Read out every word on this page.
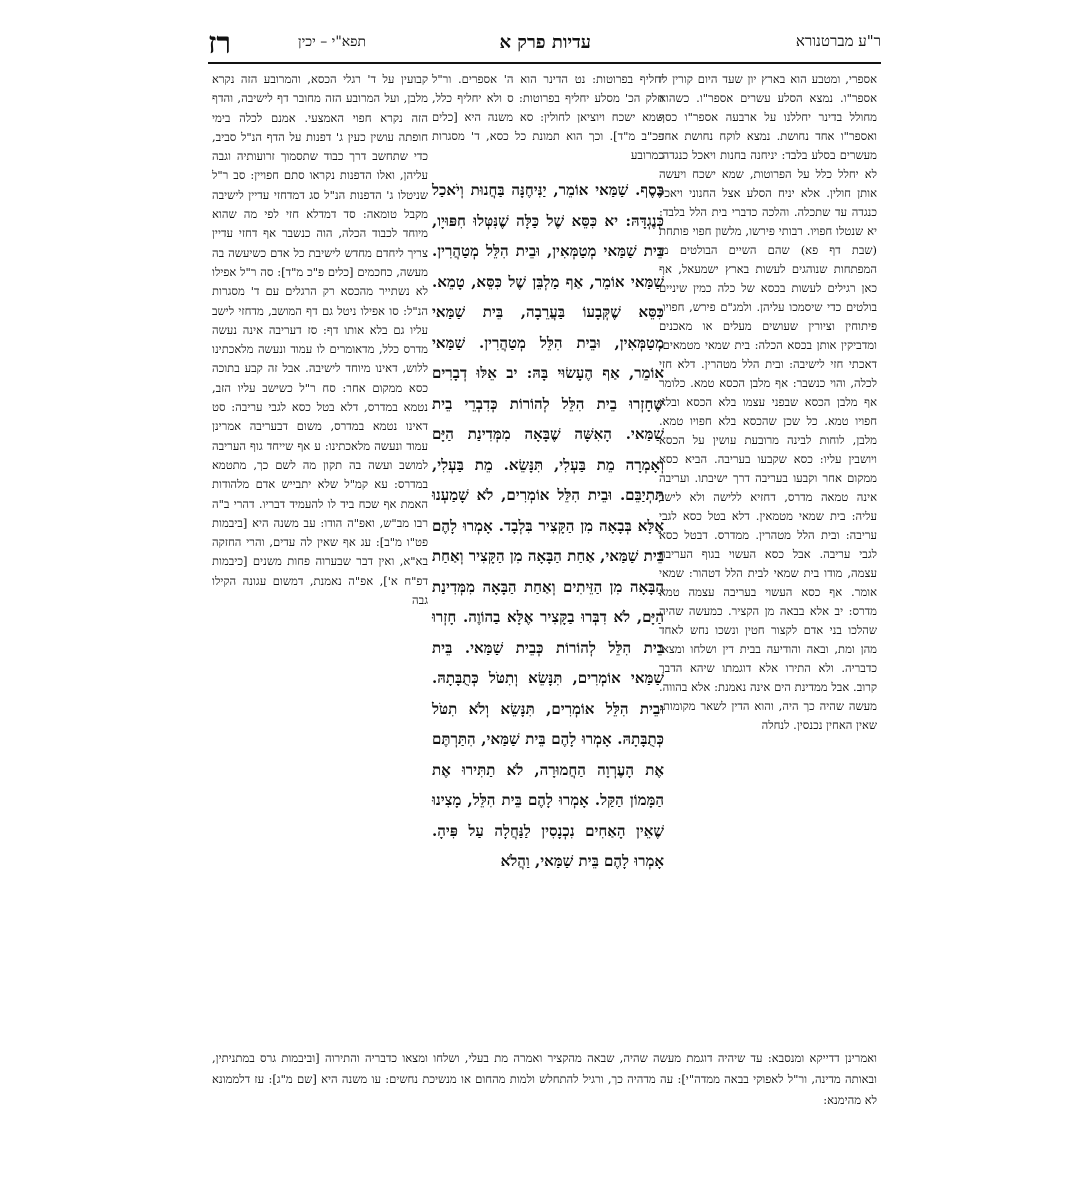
ר"ע מברטנורא
עדיות פרק א
תפא"י – יכין
רז

אספרי, ומטבע הוא בארץ יון שעד היום קורין לו אספר"ו. נמצא הסלע עשרים אספר"ו. כשהוא מחולל בדינר יחללנו על ארבעה אספר"ו כסף ואספר"ו אחד נחושת. נמצא לוקח נחושת אחד מעשרים בסלע בלבד: יניחנה בחנות ויאכל כנגדה. לא יחלל כלל על הפרוטות, שמא ישכח ויעשה אותן חולין. אלא יניח הסלע אצל החנוני ויאכל כנגדה עד שתכלה. והלכה כדברי בית הלל בלבד: יא שנטלו חפויו. רבותי פירשו, מלשון חפוי פותחת (שבת דף פא) שהם השיים הבולטים מן המפתחות שנוהגים לעשות בארץ ישמעאל, אף כאן רגילים לעשות בכסא של כלה כמין שיניים בולטים כדי שיסמכו עליהן. ולמג"ם פירש, חפויו, פיתוחין וציורין שעושים מעלים או מאכנים ומדביקין אותן בכסא הכלה: בית שמאי מטמאים. דאכתי חזי לישיבה: ובית הלל מטהרין. דלא חזי לכלה, והוי כנשבר: אף מלבן הכסא טמא. כלומר אף מלבן הכסא שבפני עצמו בלא הכסא ובלא חפויו טמא. כל שכן שהכסא בלא חפויו טמא. מלבן, לוחות לבינה מרובעת עושין על הכסא ויושבין עליו: כסא שקבעו בעריבה. הביא כסא ממקום אחר וקבעו בעריבה דרך ישיבתו. ועריבה אינה טמאה מדרס, דחזיא ללישה ולא לישב עליה: בית שמאי מטמאין. דלא בטל כסא לגבי עריבה: ובית הלל מטהרין. ממדרס. דבטל כסא לגבי עריבה. אבל כסא העשוי בגוף העריבה עצמה, מודו בית שמאי לבית הלל דטהור: שמאי אומר. אף כסא העשוי בעריבה עצמה טמא מדרס: יב אלא בבאה מן הקציר. כמעשה שהיה שהלכו בני אדם לקצור חטין ונשכו נחש לאחד מהן ומת, ובאה והודיעה בבית דין ושלחו ומצאו כדבריה. ולא התירו אלא דוגמתו שיהא הדבר קרוב. אבל ממדינת הים אינה נאמנת: אלא בהווה. מעשה שהיה כך היה, והוא הדין לשאר מקומות: שאין האחין נכנסין. לנחלה

יחליף בפרוטות: נט הדינר הוא ה' אספרים. ור"ל חלק הכ' מסלע יחליף בפרוטות: ס ולא יחליף כלל, שמא ישכח ויוציאן לחולין: סא משנה היא [כלים פכ"ב מ"ד]. וכך הוא תמונת כל כסא, ד' מסגרות כמרובע

כֶּסֶף. שַׁמַּאי אוֹמֵר, יַנִּיחֶנָּה בַּחֲנוּת וְיֹאכַל כְּנֶגְדָּהּ: יא כִּסֵּא שֶׁל כַּלָּה שֶׁנִּטְּלוּ חִפּוּיָו, בֵּית שַׁמַּאי מְטַמְּאִין, וּבֵית הִלֵּל מְטַהֲרִין. שַׁמַּאי אוֹמֵר, אַף מַלְבֵּן שֶׁל כִּסֵּא, טָמֵא. כִּסֵּא שֶׁקְּבָעוֹ בַּעֲרֵבָה, בֵּית שַׁמַּאי מְטַמְּאִין, וּבֵית הִלֵּל מְטַהֲרִין. שַׁמַּאי אוֹמֵר, אַף הֶעָשׂוּי בָּהּ: יב אֵלּוּ דְבָרִים שֶׁחָזְרוּ בֵית הִלֵּל לְהוֹרוֹת כְּדִבְרֵי בֵית שַׁמַּאי. הָאִשָּׁה שֶׁבָּאָה מִמְּדִינַת הַיָּם וְאָמְרָה מֵת בַּעְלִי, תִּנָּשֵׂא. מֵת בַּעְלִי, תִּתְיַבֵּם. וּבֵית הִלֵּל אוֹמְרִים, לֹא שָׁמַעְנוּ אֶלָּא בְּבָאָה מִן הַקָּצִיר בִּלְבָד. אָמְרוּ לָהֶם בֵּית שַׁמַּאי, אַחַת הַבָּאָה מִן הַקָּצִיר וְאַחַת הַבָּאָה מִן הַזֵּיתִים וְאַחַת הַבָּאָה מִמְּדִינַת הַיָּם, לֹא דִבְּרוּ בַקָּצִיר אֶלָּא בַהוֹוֶה. חָזְרוּ בֵית הִלֵּל לְהוֹרוֹת כְּבֵית שַׁמַּאי. בֵּית שַׁמַּאי אוֹמְרִים, תִּנָּשֵׂא וְתִטֹּל כְּתֻבָּתָהּ. וּבֵית הִלֵּל אוֹמְרִים, תִּנָּשֵׂא וְלֹא תִטֹּל כְּתֻבָּתָהּ. אָמְרוּ לָהֶם בֵּית שַׁמַּאי, הִתַּרְתֶּם אֶת הָעֶרְוָה הַחֲמוּרָה, לֹא תַתִּירוּ אֶת הַמָּמוֹן הַקַּל. אָמְרוּ לָהֶם בֵּית הִלֵּל, מָצִינוּ שֶׁאֵין הָאַחִים נִכְנָסִין לַנַּחֲלָה עַל פִּיהָ. אָמְרוּ לָהֶם בֵּית שַׁמַּאי, וַהֲלֹא

קבועין על ד' רגלי הכסא, והמרובע הזה נקרא מלבן, ועל המרובע הזה מחובר דף לישיבה, והדף הזה נקרא חפוי האמצעי. אמנם לכלה בימי חופתה עושין כעין ג' דפנות על הדף הנ"ל סביב, כדי שתחשב דרך כבוד שתסמוך זרועותיה וגבה עליהן, ואלו הדפנות נקראו סתם חפויין: סב ר"ל שניטלו ג' הדפנות הנ"ל סג דמדחזי עדיין לישיבה מקבל טומאה: סד דמדלא חזי לפי מה שהוא מיוחד לכבוד הכלה, הוה כנשבר אף דחזי עדיין צריך ליחדם מחדש לישיבת כל אדם כשיעשה בה מעשה, כחכמים [כלים פ"כ מ"ד]: סה ר"ל אפילו לא נשתייר מהכסא רק הרגלים עם ד' מסגרות הנ"ל: סו אפילו ניטל גם דף המושב, מדחזי לישב עליו גם בלא אותו דף: סז דעריבה אינה נעשה מדרס כלל, מדאומרים לו עמוד ונעשה מלאכתינו ללוש, דאינו מיוחד לישיבה. אבל זה קבע בתוכה כסא ממקום אחר: סח ר"ל כשישב עליו הזב, נטמא במדרס, דלא בטל כסא לגבי עריבה: סט דאינו נטמא במדרס, משום דבעריבה אמרינן עמוד ונעשה מלאכתינו: ע אף שייחד גוף העריבה למושב ועשה בה תקון מה לשם כך, מתטמא במדרס: עא קמ"ל שלא יתבייש אדם מלהודות האמת אף שכח ביד לו להעמיד דבריו. דהרי ב"ה רבו מב"ש, ואפ"ה הודו: עב משנה היא [ביבמות פט"ו מ"ב]: עג אף שאין לה עדים, והרי החזקה בא"א, ואין דבר שבערוה פחות משנים [כיבמות דפ"ח א'], אפ"ה נאמנת, דמשום עגונה הקילו גבה

ואמרינן דדייקא ומנסבא: עד שיהיה דוגמת מעשה שהיה, שבאה מהקציר ואמרה מת בעלי, ושלחו ומצאו כדבריה והתירוה [וביבמות גרס במתניתין, ובאותה מדינה, ור"ל לאפוקי בבאה ממדה"י]: עה מדהיה כך, ורגיל להתחלש ולמות מהחום או מנשיכת נחשים: עו משנה היא [שם מ"ג]: עז דלממונא לא מהימנא:
